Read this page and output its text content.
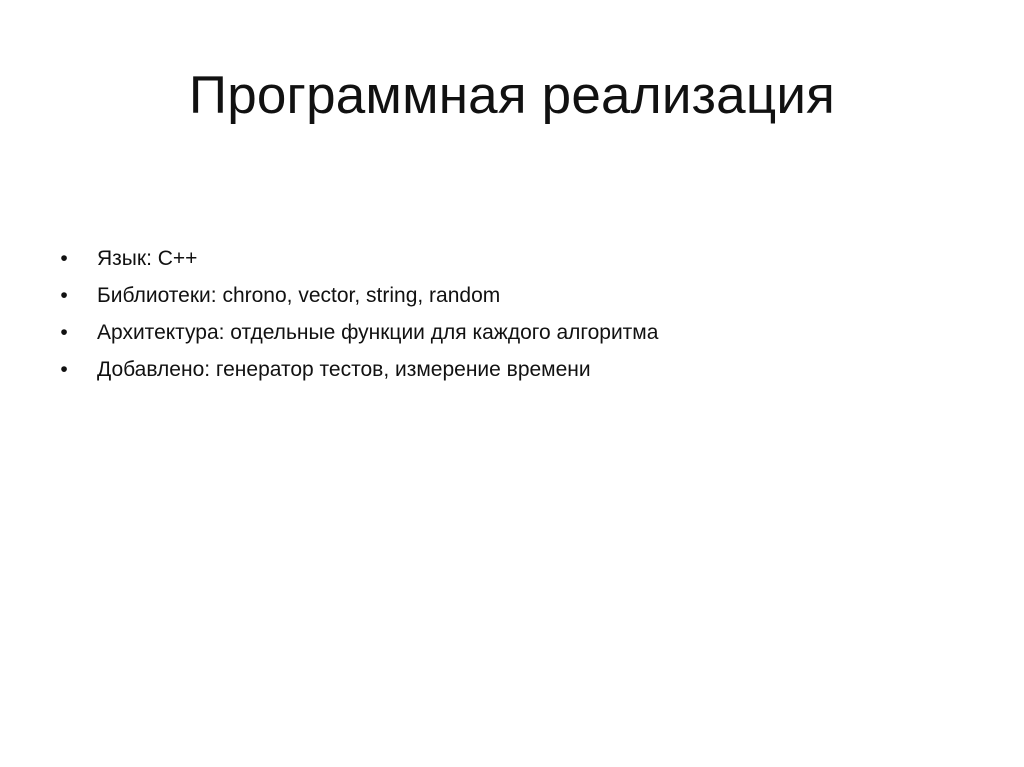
Программная реализация
• Язык: C++
• Библиотеки: chrono, vector, string, random
• Архитектура: отдельные функции для каждого алгоритма
• Добавлено: генератор тестов, измерение времени
